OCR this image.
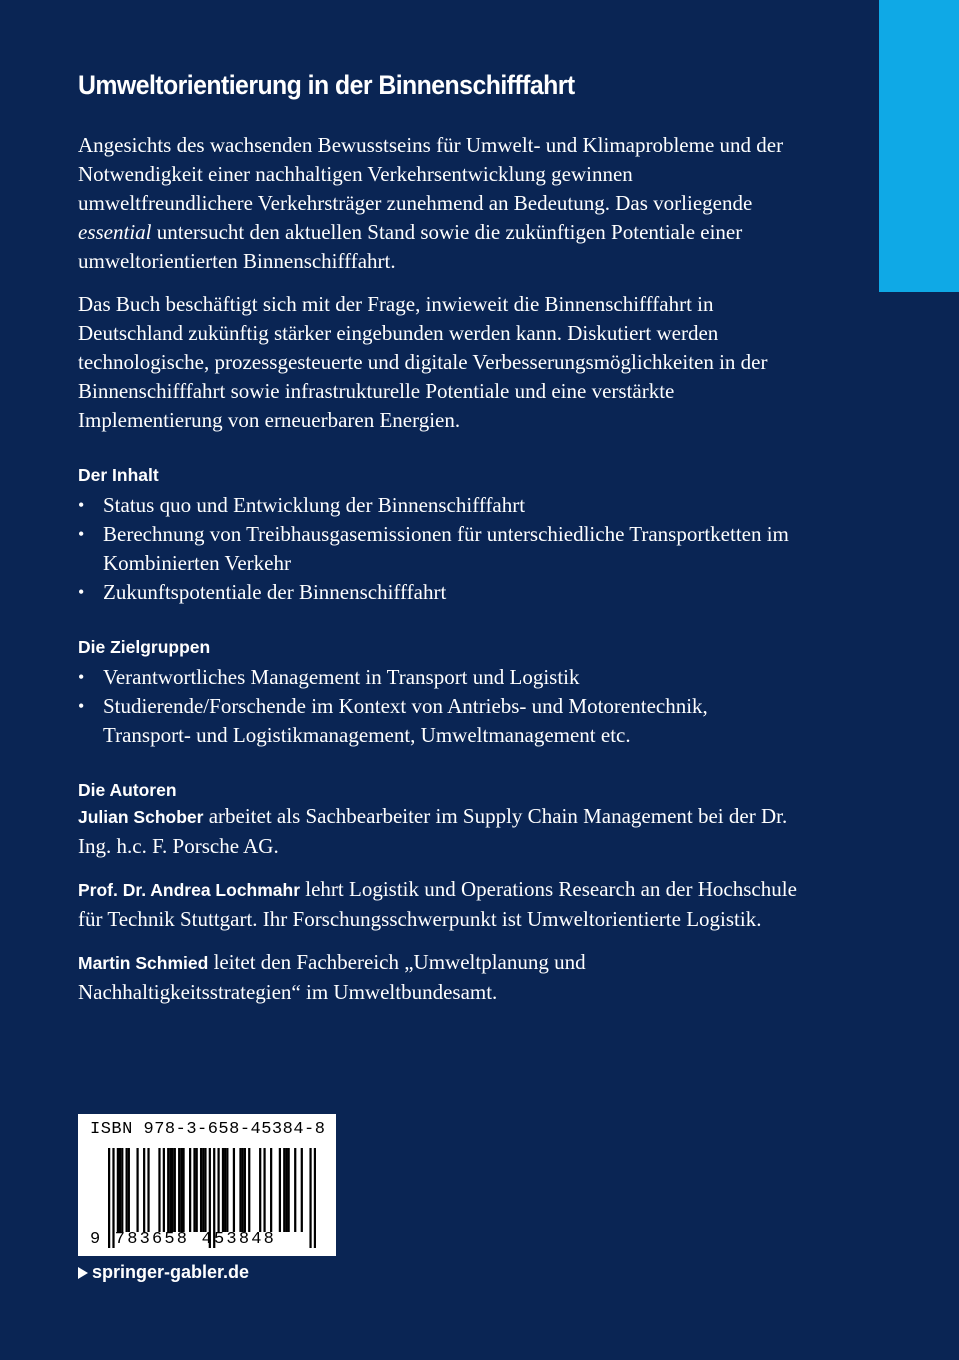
Umweltorientierung in der Binnenschifffahrt

Angesichts des wachsenden Bewusstseins für Umwelt- und Klimaprobleme und der Notwendigkeit einer nachhaltigen Verkehrsentwicklung gewinnen umweltfreundlichere Verkehrsträger zunehmend an Bedeutung. Das vorliegende essential untersucht den aktuellen Stand sowie die zukünftigen Potentiale einer umweltorientierten Binnenschifffahrt.

Das Buch beschäftigt sich mit der Frage, inwieweit die Binnenschifffahrt in Deutschland zukünftig stärker eingebunden werden kann. Diskutiert werden technologische, prozessgesteuerte und digitale Verbesserungsmöglichkeiten in der Binnenschifffahrt sowie infrastrukturelle Potentiale und eine verstärkte Implementierung von erneuerbaren Energien.

Der Inhalt
• Status quo und Entwicklung der Binnenschifffahrt
• Berechnung von Treibhausgasemissionen für unterschiedliche Transportketten im Kombinierten Verkehr
• Zukunftspotentiale der Binnenschifffahrt
Die Zielgruppen
• Verantwortliches Management in Transport und Logistik
• Studierende/Forschende im Kontext von Antriebs- und Motorentechnik, Transport- und Logistikmanagement, Umweltmanagement etc.
Die Autoren

Julian Schober arbeitet als Sachbearbeiter im Supply Chain Management bei der Dr. Ing. h.c. F. Porsche AG.

Prof. Dr. Andrea Lochmahr lehrt Logistik und Operations Research an der Hochschule für Technik Stuttgart. Ihr Forschungsschwerpunkt ist Umweltorientierte Logistik.

Martin Schmied leitet den Fachbereich „Umweltplanung und Nachhaltigkeitsstrategien“ im Umweltbundesamt.

ISBN 978-3-658-45384-8
9 783658 453848
springer-gabler.de
